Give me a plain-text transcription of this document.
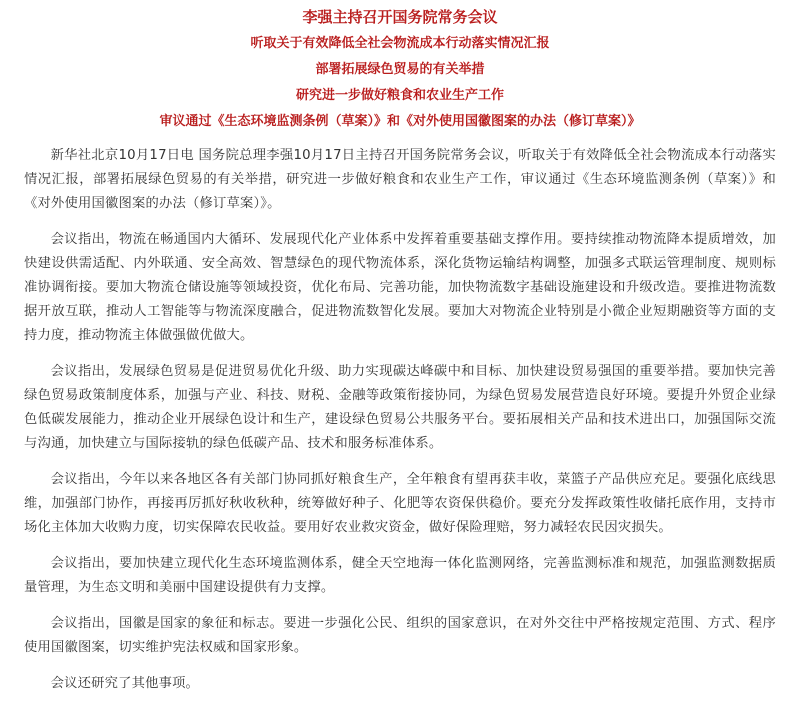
李强主持召开国务院常务会议
听取关于有效降低全社会物流成本行动落实情况汇报
部署拓展绿色贸易的有关举措
研究进一步做好粮食和农业生产工作
审议通过《生态环境监测条例（草案）》和《对外使用国徽图案的办法（修订草案）》

新华社北京10月17日电 国务院总理李强10月17日主持召开国务院常务会议，听取关于有效降低全社会物流成本行动落实情况汇报，部署拓展绿色贸易的有关举措，研究进一步做好粮食和农业生产工作，审议通过《生态环境监测条例（草案）》和《对外使用国徽图案的办法（修订草案）》。

会议指出，物流在畅通国内大循环、发展现代化产业体系中发挥着重要基础支撑作用。要持续推动物流降本提质增效，加快建设供需适配、内外联通、安全高效、智慧绿色的现代物流体系，深化货物运输结构调整，加强多式联运管理制度、规则标准协调衔接。要加大物流仓储设施等领域投资，优化布局、完善功能，加快物流数字基础设施建设和升级改造。要推进物流数据开放互联，推动人工智能等与物流深度融合，促进物流数智化发展。要加大对物流企业特别是小微企业短期融资等方面的支持力度，推动物流主体做强做优做大。

会议指出，发展绿色贸易是促进贸易优化升级、助力实现碳达峰碳中和目标、加快建设贸易强国的重要举措。要加快完善绿色贸易政策制度体系，加强与产业、科技、财税、金融等政策衔接协同，为绿色贸易发展营造良好环境。要提升外贸企业绿色低碳发展能力，推动企业开展绿色设计和生产，建设绿色贸易公共服务平台。要拓展相关产品和技术进出口，加强国际交流与沟通，加快建立与国际接轨的绿色低碳产品、技术和服务标准体系。

会议指出，今年以来各地区各有关部门协同抓好粮食生产，全年粮食有望再获丰收，菜篮子产品供应充足。要强化底线思维，加强部门协作，再接再厉抓好秋收秋种，统筹做好种子、化肥等农资保供稳价。要充分发挥政策性收储托底作用，支持市场化主体加大收购力度，切实保障农民收益。要用好农业救灾资金，做好保险理赔，努力减轻农民因灾损失。

会议指出，要加快建立现代化生态环境监测体系，健全天空地海一体化监测网络，完善监测标准和规范，加强监测数据质量管理，为生态文明和美丽中国建设提供有力支撑。

会议指出，国徽是国家的象征和标志。要进一步强化公民、组织的国家意识，在对外交往中严格按规定范围、方式、程序使用国徽图案，切实维护宪法权威和国家形象。

会议还研究了其他事项。
